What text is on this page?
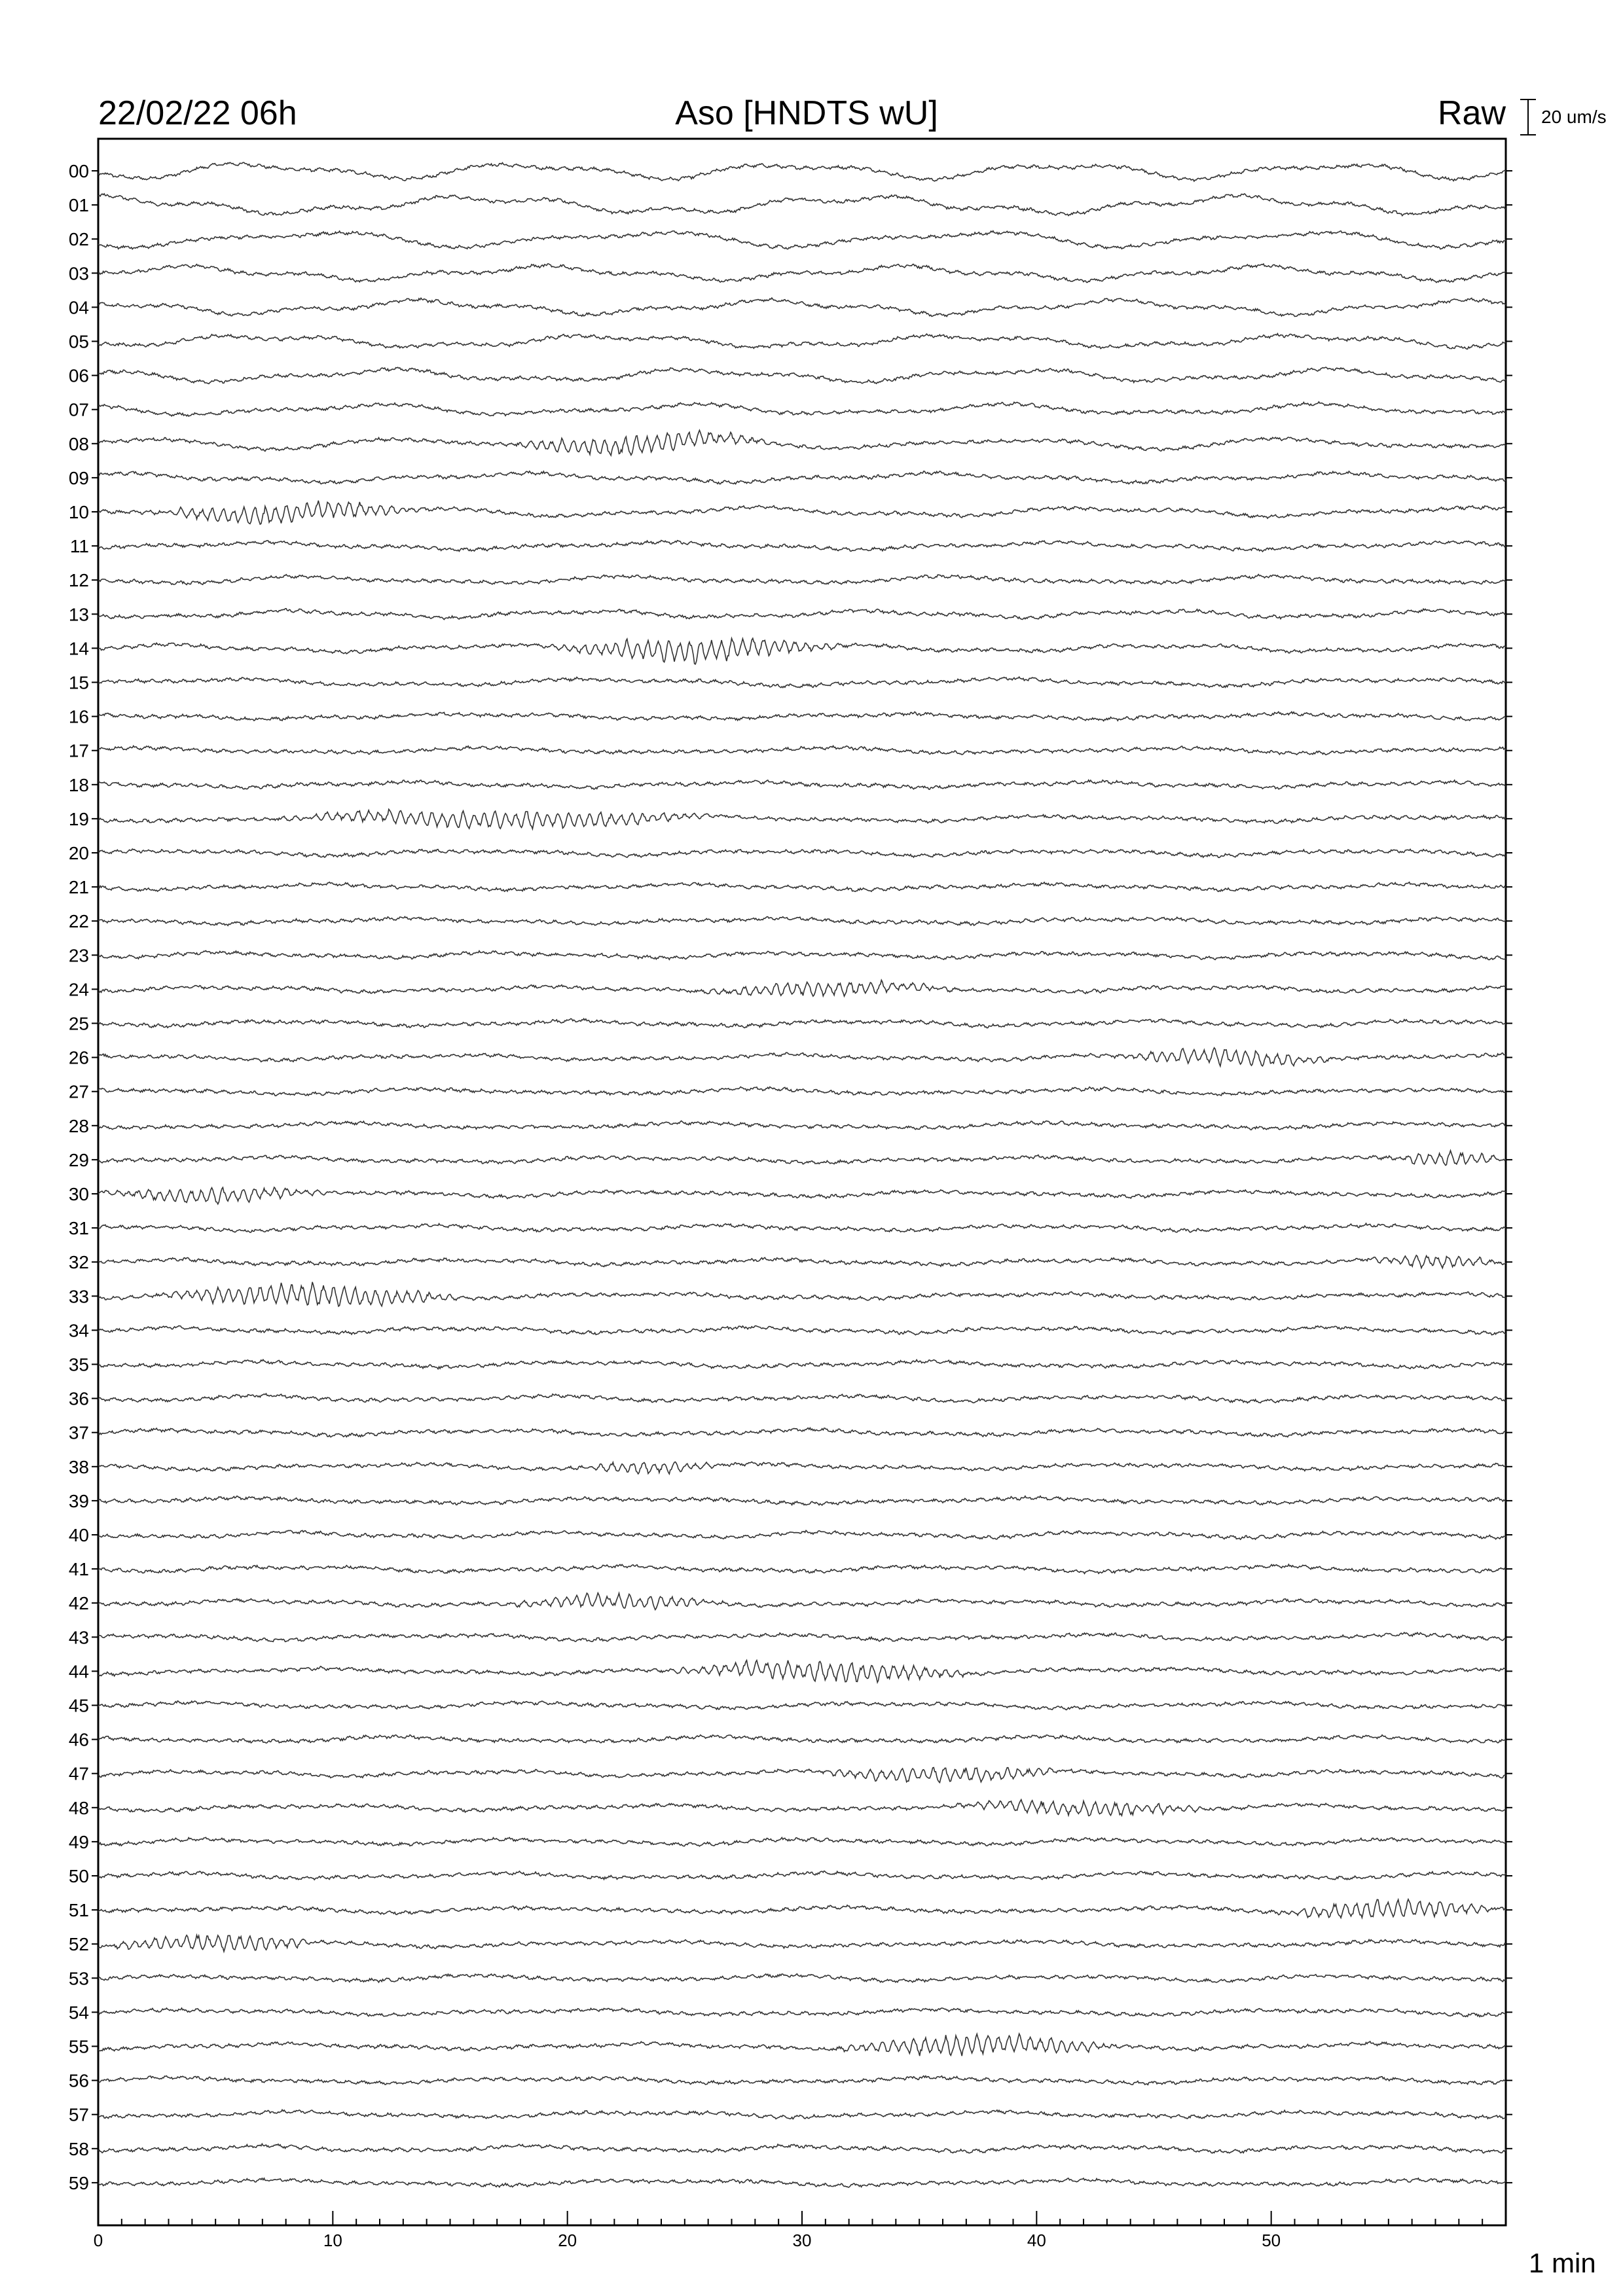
22/02/22 06h	Aso [HNDTS wU]	Raw 20 um/s
00
01
02
03
04
05
06
07
08
09
10
11
12
13
14
15
16
17
18
19
20
21
22
23
24
25
26
27
28
29
30
31
32
33
34
35
36
37
38
39
40
41
42
43
44
45
46
47
48
49
50
51
52
53
54
55
56
57
58
59
0	10	20	30	40	50
1 min
